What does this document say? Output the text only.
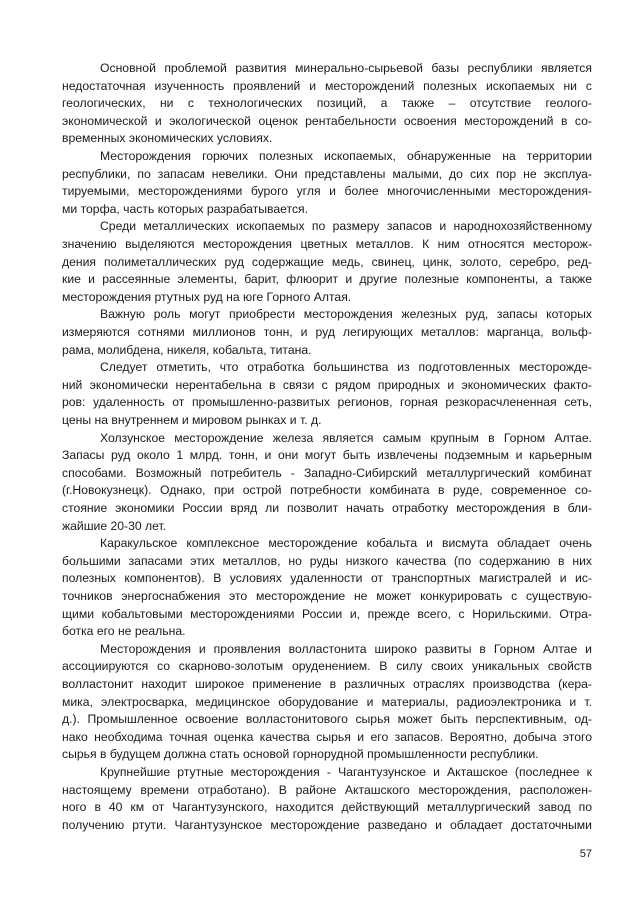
Основной проблемой развития минерально-сырьевой базы республики является
недостаточная изученность проявлений и месторождений полезных ископаемых ни с
геологических, ни с технологических позиций, а также – отсутствие геолого-
экономической и экологической оценок рентабельности освоения месторождений в со-
временных экономических условиях.
Месторождения горючих полезных ископаемых, обнаруженные на территории
республики, по запасам невелики. Они представлены малыми, до сих пор не эксплуа-
тируемыми, месторождениями бурого угля и более многочисленными месторождения-
ми торфа, часть которых разрабатывается.
Среди металлических ископаемых по размеру запасов и народнохозяйственному
значению выделяются месторождения цветных металлов. К ним относятся месторож-
дения полиметаллических руд содержащие медь, свинец, цинк, золото, серебро, ред-
кие и рассеянные элементы, барит, флюорит и другие полезные компоненты, а также
месторождения ртутных руд на юге Горного Алтая.
Важную роль могут приобрести месторождения железных руд, запасы которых
измеряются сотнями миллионов тонн, и руд легирующих металлов: марганца, вольф-
рама, молибдена, никеля, кобальта, титана.
Следует отметить, что отработка большинства из подготовленных месторожде-
ний экономически нерентабельна в связи с рядом природных и экономических факто-
ров: удаленность от промышленно-развитых регионов, горная резкорасчлененная сеть,
цены на внутреннем и мировом рынках и т. д.
Холзунское месторождение железа является самым крупным в Горном Алтае.
Запасы руд около 1 млрд. тонн, и они могут быть извлечены подземным и карьерным
способами. Возможный потребитель - Западно-Сибирский металлургический комбинат
(г.Новокузнецк). Однако, при острой потребности комбината в руде, современное со-
стояние экономики России вряд ли позволит начать отработку месторождения в бли-
жайшие 20-30 лет.
Каракульское комплексное месторождение кобальта и висмута обладает очень
большими запасами этих металлов, но руды низкого качества (по содержанию в них
полезных компонентов). В условиях удаленности от транспортных магистралей и ис-
точников энергоснабжения это месторождение не может конкурировать с существую-
щими кобальтовыми месторождениями России и, прежде всего, с Норильскими. Отра-
ботка его не реальна.
Месторождения и проявления волластонита широко развиты в Горном Алтае и
ассоциируются со скарново-золотым оруденением. В силу своих уникальных свойств
волластонит находит широкое применение в различных отраслях производства (кера-
мика, электросварка, медицинское оборудование и материалы, радиоэлектроника и т.
д.). Промышленное освоение волластонитового сырья может быть перспективным, од-
нако необходима точная оценка качества сырья и его запасов. Вероятно, добыча этого
сырья в будущем должна стать основой горнорудной промышленности республики.
Крупнейшие ртутные месторождения - Чагантузунское и Акташское (последнее к
настоящему времени отработано). В районе Акташского месторождения, расположен-
ного в 40 км от Чагантузунского, находится действующий металлургический завод по
получению ртути. Чагантузунское месторождение разведано и обладает достаточными
57
